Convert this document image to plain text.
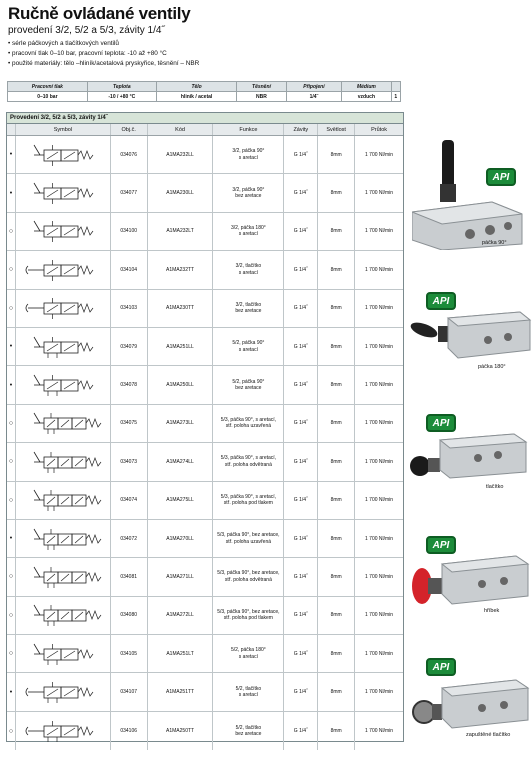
Ručně ovládané ventily
provedení 3/2, 5/2 a 5/3, závity 1/4˝
• sérIe páčkových a tlačítkových ventilů
• pracovní tlak 0–10 bar, pracovní teplota: -10 až +80 °C
• použité materiály: tělo –hliník/acetalová pryskyřice, těsnění – NBR
Pracovní tlak	Teplota	Tělo	Těsnění	Připojení	Médium	
0–10 bar	-10 / +80 °C	hliník / acetal	NBR	1/4˝	vzduch	1
Provedení 3/2, 5/2 a 5/3, závity 1/4˝
Symbol	Obj.č.	Kód	Funkce	Závity	Světlost	Průtok
•	034076	A1MA232LL
3/2, páčka 90°
s aretací	G 1/4˝	8mm	1 700 Nl/min
•	034077	A1MA230LL
3/2, páčka 90°
bez aretace	G 1/4˝	8mm	1 700 Nl/min
○	034100	A1MA232LT
3/2, páčka 180°
s aretací	G 1/4˝	8mm	1 700 Nl/min
○	034104	A1MA232TT
3/2, tlačítko
s aretací	G 1/4˝	8mm	1 700 Nl/min
○	034103	A1MA230TT
3/2, tlačítko
bez aretace	G 1/4˝	8mm	1 700 Nl/min
•	034079	A1MA251LL
5/2, páčka 90°
s aretací	G 1/4˝	8mm	1 700 Nl/min
•	034078	A1MA250LL
5/2, páčka 90°
bez aretace	G 1/4˝	8mm	1 700 Nl/min
○	034075	A1MA273LL
5/3, páčka 90°, s aretací,
stř. poloha uzavřená	G 1/4˝	8mm	1 700 Nl/min
○	034073	A1MA274LL
5/3, páčka 90°, s aretací,
stř. poloha odvětraná	G 1/4˝	8mm	1 700 Nl/min
○	034074	A1MA275LL
5/3, páčka 90°, s aretací,
stř. poloha pod tlakem	G 1/4˝	8mm	1 700 Nl/min
•	034072	A1MA270LL
5/3, páčka 90°, bez aretace,
stř. poloha uzavřená	G 1/4˝	8mm	1 700 Nl/min
○	034081	A1MA271LL
5/3, páčka 90°, bez aretace,
stř. poloha odvětraná	G 1/4˝	8mm	1 700 Nl/min
○	034080	A1MA272LL
5/3, páčka 90°, bez aretace,
stř. poloha pod tlakem	G 1/4˝	8mm	1 700 Nl/min
○	034105	A1MA251LT
5/2, páčka 180°
s aretací	G 1/4˝	8mm	1 700 Nl/min
•	034107	A1MA251TT
5/2, tlačítko
s aretací	G 1/4˝	8mm	1 700 Nl/min
○	034106	A1MA250TT
5/2, tlačítko
bez aretace	G 1/4˝	8mm	1 700 Nl/min
API
páčka 90°
API
páčka 180°
API
tlačítko
API
hříbek
API
zapuštěné tlačítko
